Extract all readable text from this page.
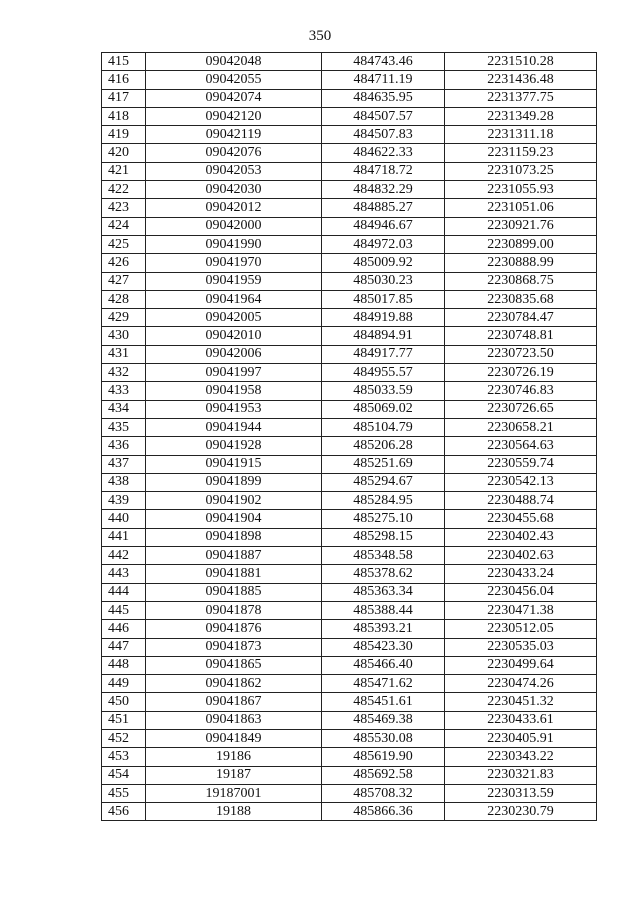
350
415	09042048	484743.46	2231510.28
416	09042055	484711.19	2231436.48
417	09042074	484635.95	2231377.75
418	09042120	484507.57	2231349.28
419	09042119	484507.83	2231311.18
420	09042076	484622.33	2231159.23
421	09042053	484718.72	2231073.25
422	09042030	484832.29	2231055.93
423	09042012	484885.27	2231051.06
424	09042000	484946.67	2230921.76
425	09041990	484972.03	2230899.00
426	09041970	485009.92	2230888.99
427	09041959	485030.23	2230868.75
428	09041964	485017.85	2230835.68
429	09042005	484919.88	2230784.47
430	09042010	484894.91	2230748.81
431	09042006	484917.77	2230723.50
432	09041997	484955.57	2230726.19
433	09041958	485033.59	2230746.83
434	09041953	485069.02	2230726.65
435	09041944	485104.79	2230658.21
436	09041928	485206.28	2230564.63
437	09041915	485251.69	2230559.74
438	09041899	485294.67	2230542.13
439	09041902	485284.95	2230488.74
440	09041904	485275.10	2230455.68
441	09041898	485298.15	2230402.43
442	09041887	485348.58	2230402.63
443	09041881	485378.62	2230433.24
444	09041885	485363.34	2230456.04
445	09041878	485388.44	2230471.38
446	09041876	485393.21	2230512.05
447	09041873	485423.30	2230535.03
448	09041865	485466.40	2230499.64
449	09041862	485471.62	2230474.26
450	09041867	485451.61	2230451.32
451	09041863	485469.38	2230433.61
452	09041849	485530.08	2230405.91
453	19186	485619.90	2230343.22
454	19187	485692.58	2230321.83
455	19187001	485708.32	2230313.59
456	19188	485866.36	2230230.79
